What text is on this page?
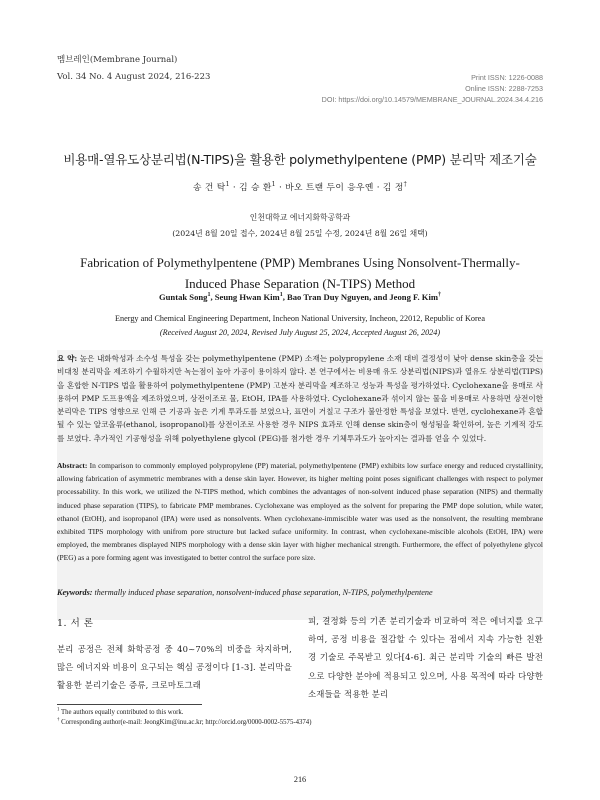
멤브레인(Membrane Journal)
Vol. 34 No. 4 August 2024, 216-223	Print ISSN: 1226-0088
Online ISSN: 2288-7253
DOI: https://doi.org/10.14579/MEMBRANE_JOURNAL.2024.34.4.216
비용매-열유도상분리법(N-TIPS)을 활용한 polymethylpentene (PMP) 분리막 제조기술
송 건 탁$^1$ · 김 승 환$^1$ · 바오 트랜 두이 응우옌 · 김 정†
인천대학교 에너지화학공학과
(2024년 8월 20일 접수, 2024년 8월 25일 수정, 2024년 8월 26일 채택)
Fabrication of Polymethylpentene (PMP) Membranes Using Nonsolvent-Thermally-Induced Phase Separation (N-TIPS) Method
Guntak Song$^1$, Seung Hwan Kim$^1$, Bao Tran Duy Nguyen, and Jeong F. Kim†
Energy and Chemical Engineering Department, Incheon National University, Incheon, 22012, Republic of Korea
(Received August 20, 2024, Revised July August 25, 2024, Accepted August 26, 2024)
요 약: 높은 내화학성과 소수성 특성을 갖는 polymethylpentene (PMP) 소재는 polypropylene 소재 대비 결정성이 낮아 dense skin층을 갖는 비대칭 분리막을 제조하기 수월하지만 녹는점이 높아 가공이 용이하지 않다. 본 연구에서는 비용매 유도 상분리법(NIPS)과 열유도 상분리법(TIPS)을 혼합한 N-TIPS 법을 활용하여 polymethylpentene (PMP) 고분자 분리막을 제조하고 성능과 특성을 평가하였다. Cyclohexane을 용매로 사용하여 PMP 도프용액을 제조하였으며, 상전이조로 물, EtOH, IPA를 사용하였다. Cyclohexane과 섞이지 않는 물을 비용매로 사용하면 상전이한 분리막은 TIPS 영향으로 인해 큰 기공과 높은 기계 투과도를 보였으나, 표면이 거칠고 구조가 불안정한 특성을 보였다. 반면, cyclohexane과 혼합될 수 있는 알코올류(ethanol, isopropanol)를 상전이조로 사용한 경우 NIPS 효과로 인해 dense skin층이 형성됨을 확인하여, 높은 기계적 강도를 보였다. 추가적인 기공형성을 위해 polyethylene glycol (PEG)를 첨가한 경우 기체투과도가 높아지는 결과를 얻을 수 있었다.
Abstract: In comparison to commonly employed polypropylene (PP) material, polymethylpentene (PMP) exhibits low surface energy and reduced crystallinity, allowing fabrication of asymmetric membranes with a dense skin layer. However, its higher melting point poses significant challenges with respect to polymer processability. In this work, we utilized the N-TIPS method, which combines the advantages of non-solvent induced phase separation (NIPS) and thermally induced phase separation (TIPS), to fabricate PMP membranes. Cyclohexane was employed as the solvent for preparing the PMP dope solution, while water, ethanol (EtOH), and isopropanol (IPA) were used as nonsolvents. When cyclohexane-immiscible water was used as the nonsolvent, the resulting membrane exhibited TIPS morphology with unifrom pore structure but lacked suface uniformity. In contrast, when cyclohexane-miscible alcohols (EtOH, IPA) were employed, the membranes displayed NIPS morphology with a dense skin layer with higher mechanical strength. Furthermore, the effect of polyethylene glycol (PEG) as a pore forming agent was investigated to better control the surface pore size.
Keywords: thermally induced phase separation, nonsolvent-induced phase separation, N-TIPS, polymethylpentene
1. 서 론
분리 공정은 전체 화학공정 중 40~70%의 비중을 차지하며, 많은 에너지와 비용이 요구되는 핵심 공정이다 [1-3]. 분리막을 활용한 분리기술은 증류, 크로마토그래
피, 결정화 등의 기존 분리기술과 비교하여 적은 에너지를 요구하여, 공정 비용을 절감할 수 있다는 점에서 지속 가능한 친환경 기술로 주목받고 있다[4-6]. 최근 분리막 기술의 빠른 발전으로 다양한 분야에 적용되고 있으며, 사용 목적에 따라 다양한 소재들을 적용한 분리
$^1$ The authors equally contributed to this work.
† Corresponding author(e-mail: JeongKim@inu.ac.kr; http://orcid.org/0000-0002-5575-4374)
216
